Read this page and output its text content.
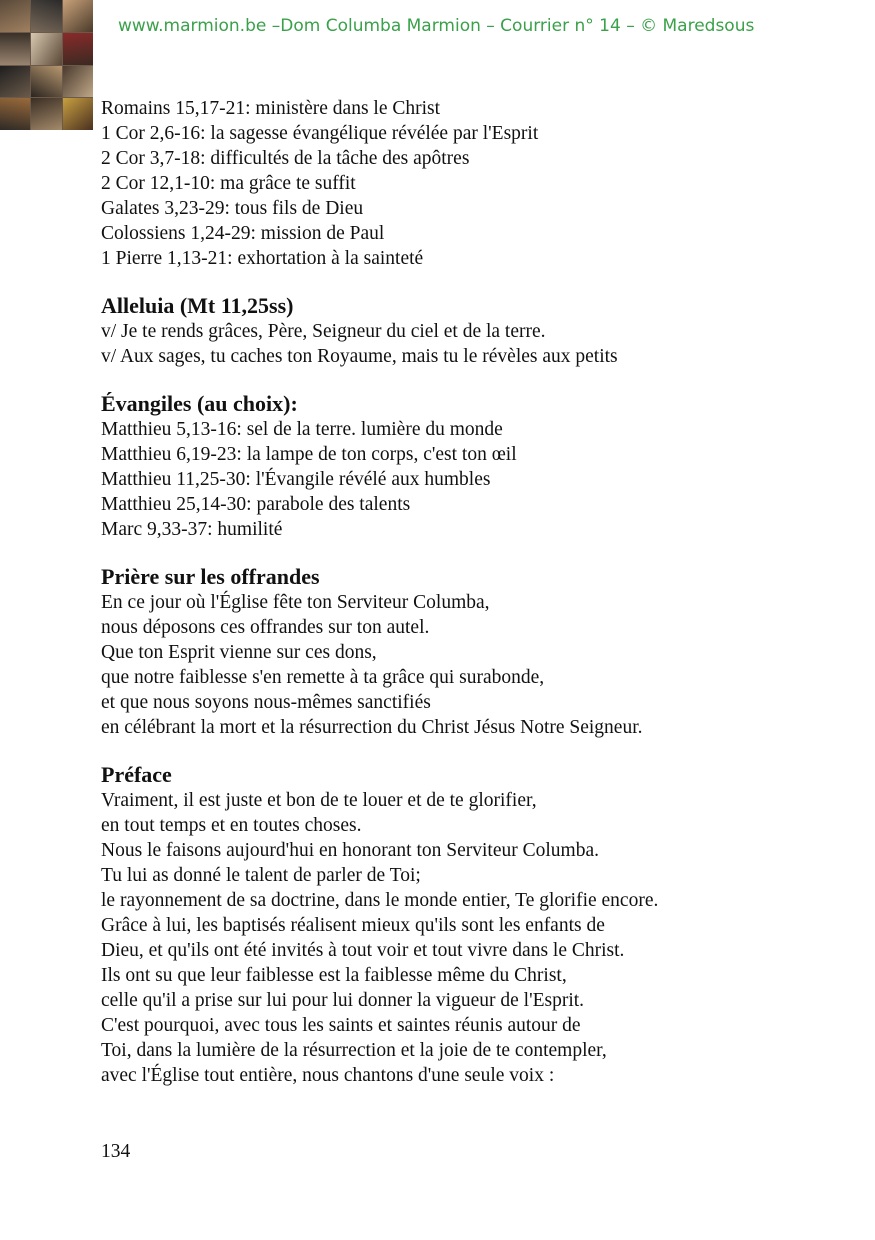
www.marmion.be –Dom Columba Marmion – Courrier n° 14 – © Maredsous
Romains 15,17-21: ministère dans le Christ
1 Cor 2,6-16: la sagesse évangélique révélée par l'Esprit
2 Cor 3,7-18: difficultés de la tâche des apôtres
2 Cor 12,1-10: ma grâce te suffit
Galates 3,23-29: tous fils de Dieu
Colossiens 1,24-29: mission de Paul
1 Pierre 1,13-21: exhortation à la sainteté
Alleluia (Mt 11,25ss)
v/ Je te rends grâces, Père, Seigneur du ciel et de la terre.
v/ Aux sages, tu caches ton Royaume, mais tu le révèles aux petits
Évangiles (au choix):
Matthieu 5,13-16: sel de la terre. lumière du monde
Matthieu 6,19-23: la lampe de ton corps, c'est ton œil
Matthieu 11,25-30: l'Évangile révélé aux humbles
Matthieu 25,14-30: parabole des talents
Marc 9,33-37: humilité
Prière sur les offrandes
En ce jour où l'Église fête ton Serviteur Columba,
nous déposons ces offrandes sur ton autel.
Que ton Esprit vienne sur ces dons,
que notre faiblesse s'en remette à ta grâce qui surabonde,
et que nous soyons nous-mêmes sanctifiés
en célébrant la mort et la résurrection du Christ Jésus Notre Seigneur.
Préface
Vraiment, il est juste et bon de te louer et de te glorifier,
en tout temps et en toutes choses.
Nous le faisons aujourd'hui en honorant ton Serviteur Columba.
Tu lui as donné le talent de parler de Toi;
le rayonnement de sa doctrine, dans le monde entier, Te glorifie encore.
Grâce à lui, les baptisés réalisent mieux qu'ils sont les enfants de
Dieu, et qu'ils ont été invités à tout voir et tout vivre dans le Christ.
Ils ont su que leur faiblesse est la faiblesse même du Christ,
celle qu'il a prise sur lui pour lui donner la vigueur de l'Esprit.
C'est pourquoi, avec tous les saints et saintes réunis autour de
Toi, dans la lumière de la résurrection et la joie de te contempler,
avec l'Église tout entière, nous chantons d'une seule voix :
134
